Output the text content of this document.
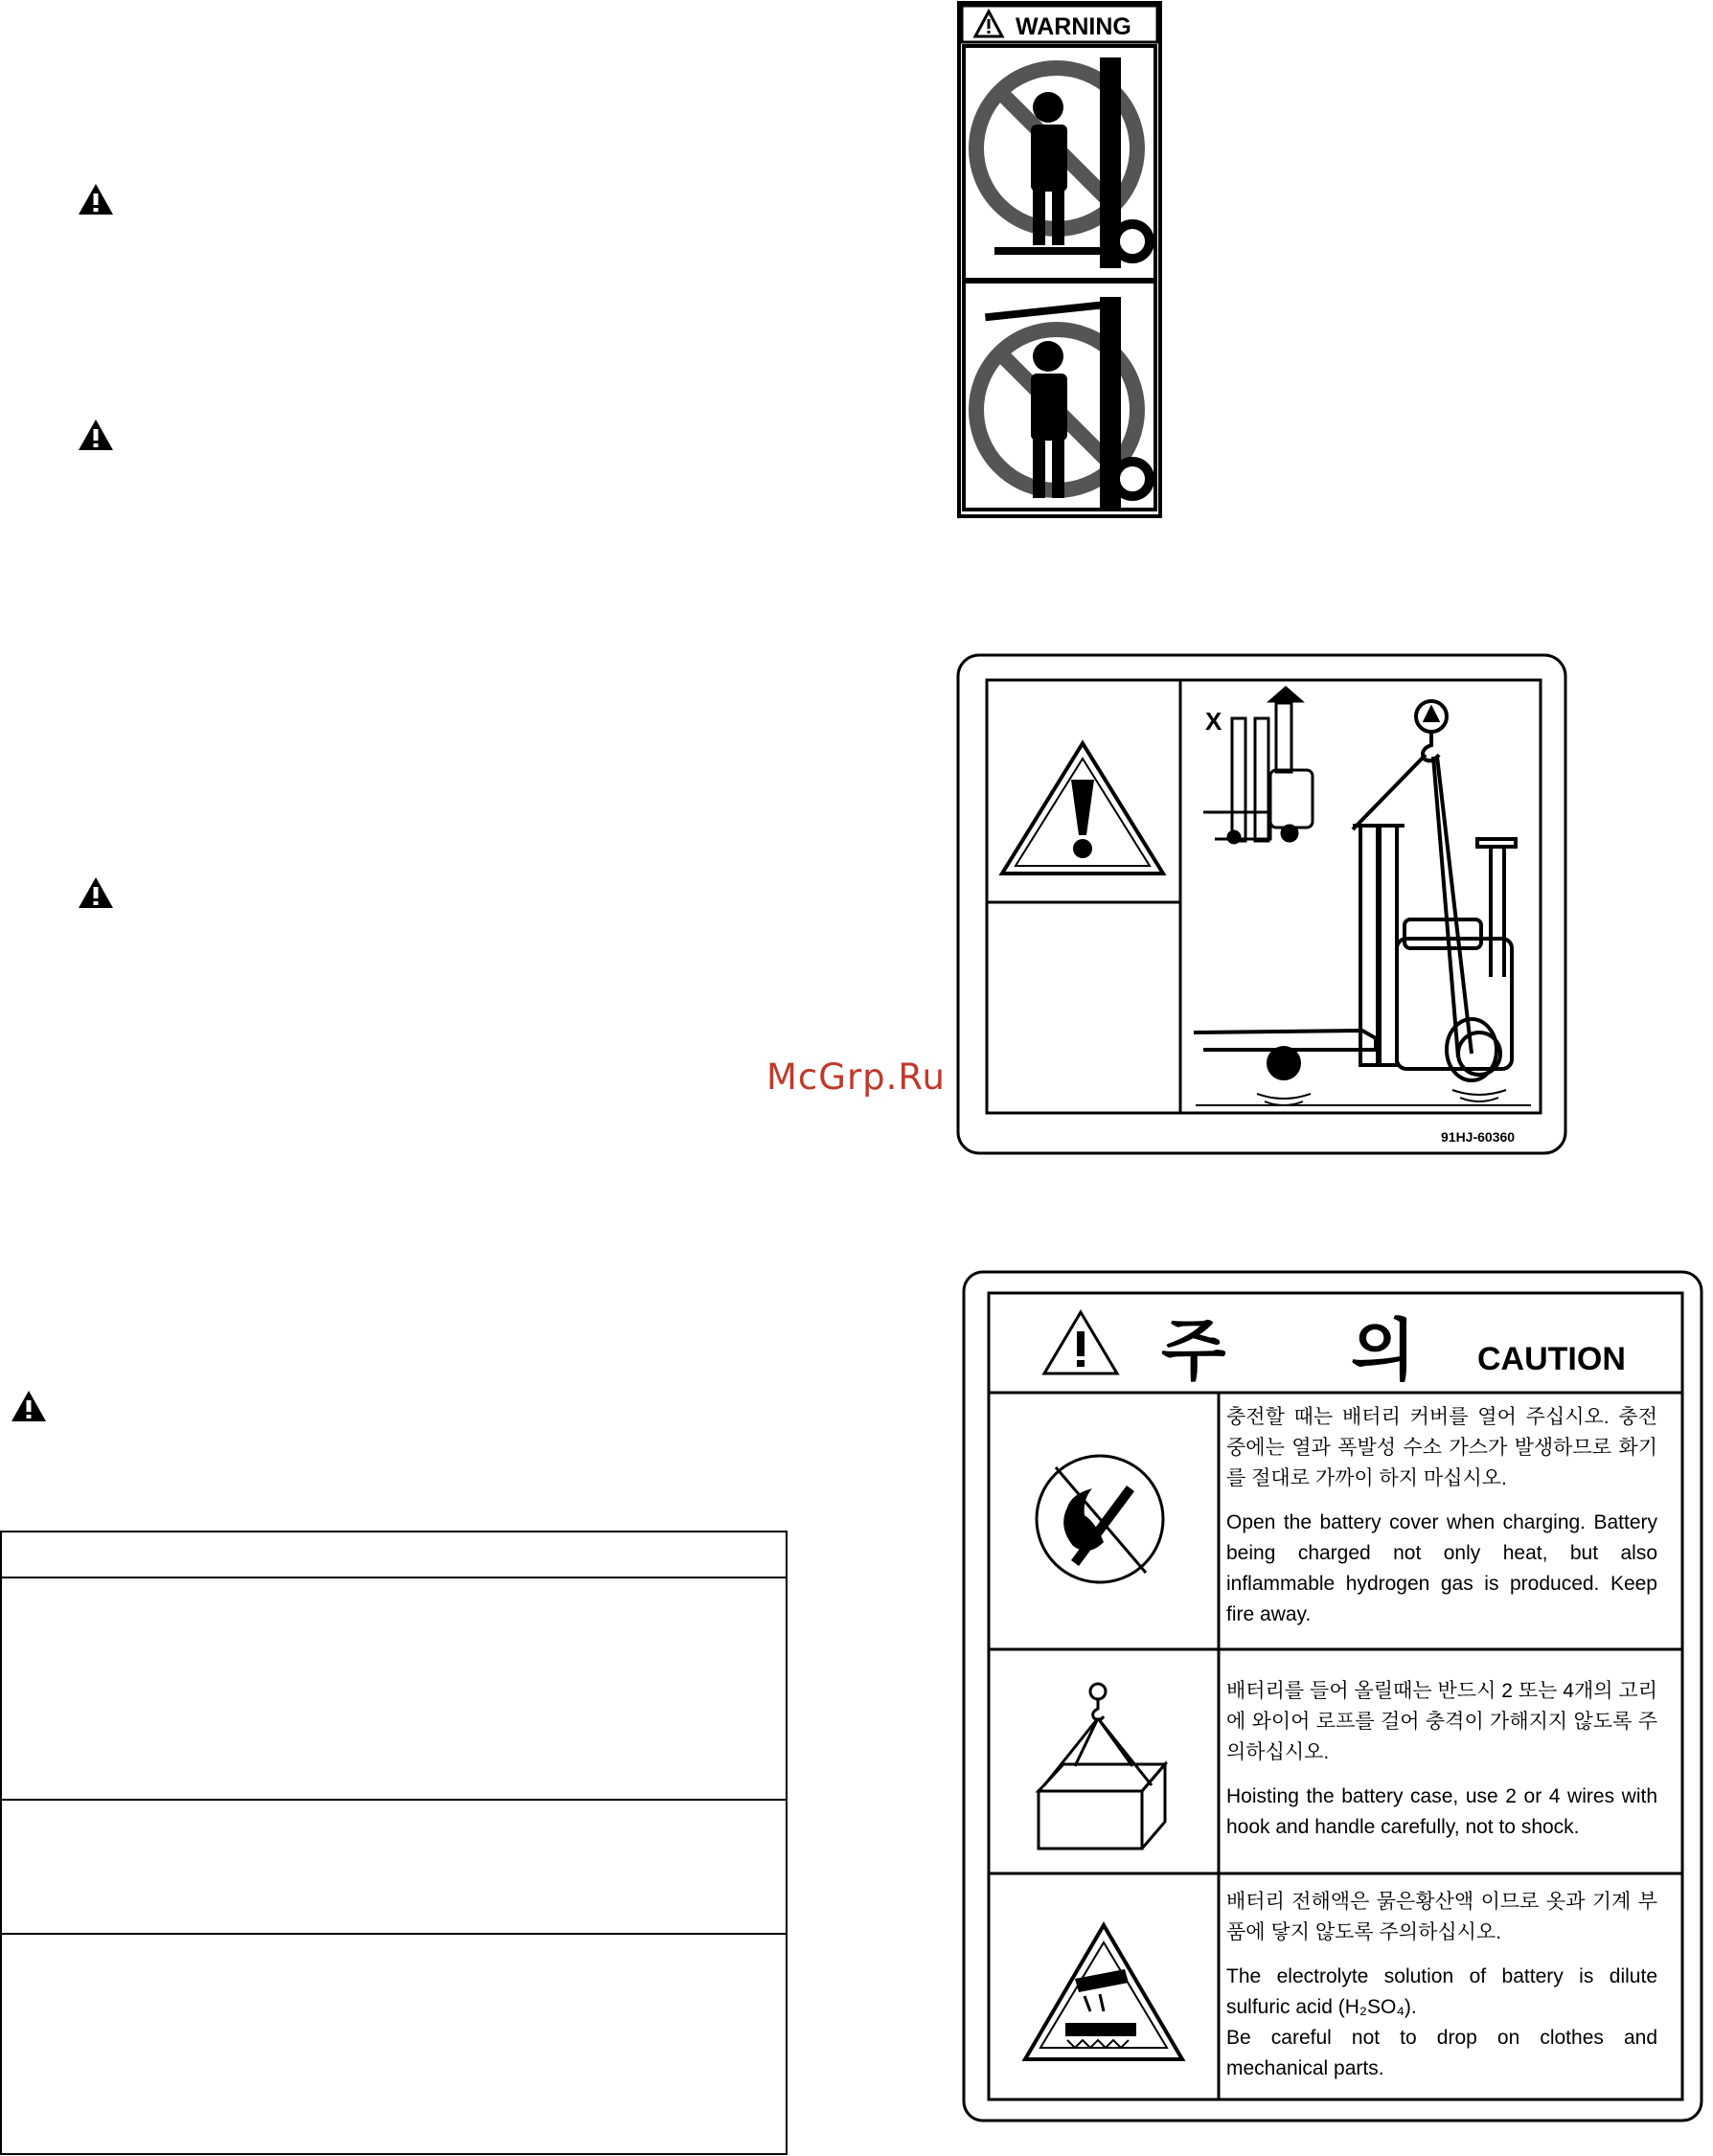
McGrp.Ru
WARNING
X
91HJ-60360
주 의 CAUTION

충전할 때는 배터리 커버를 열어 주십시오. 충전 중에는 열과 폭발성 수소 가스가 발생하므로 화기를 절대로 가까이 하지 마십시오.

Open the battery cover when charging. Battery being charged not only heat, but also inflammable hydrogen gas is produced. Keep fire away.

배터리를 들어 올릴때는 반드시 2 또는 4개의 고리에 와이어 로프를 걸어 충격이 가해지지 않도록 주의하십시오.

Hoisting the battery case, use 2 or 4 wires with hook and handle carefully, not to shock.

배터리 전해액은 묽은황산액 이므로 옷과 기계 부품에 닿지 않도록 주의하십시오.

The electrolyte solution of battery is dilute sulfuric acid (H₂SO₄).

Be careful not to drop on clothes and mechanical parts.
